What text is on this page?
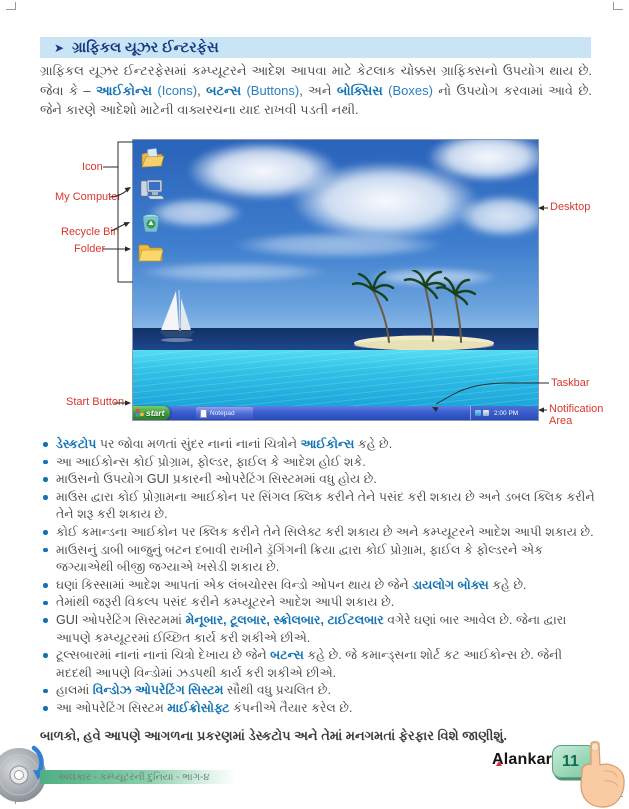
➤ ગ્રાફિકલ યૂઝર ઈન્ટરફેસ
ગ્રાફિકલ યૂઝર ઈન્ટરફેસમાં કમ્પ્યૂટરને આદેશ આપવા માટે કેટલાક ચોક્કસ ગ્રાફિક્સનો ઉપયોગ થાય છે. જેવા કે – આઈકોન્સ (Icons), બટન્સ (Buttons), અને બોક્સિસ (Boxes) નો ઉપયોગ કરવામાં આવે છે. જેને કારણે આદેશો માટેની વાક્યરચના યાદ રાખવી પડતી નથી.
start	Notepad	2:00 PM
Icon
My Computer
Recycle Bin
Folder
Start Button
Desktop
Taskbar
Notification Area
ડેસ્કટોપ પર જોવા મળતાં સુંદર નાનાં નાનાં ચિત્રોને આઈકોન્સ કહે છે.
આ આઈકોન્સ કોઈ પ્રોગ્રામ, ફોલ્ડર, ફાઈલ કે આદેશ હોઈ શકે.
માઉસનો ઉપયોગ GUI પ્રકારની ઓપરેટિંગ સિસ્ટમમાં વધુ હોય છે.
માઉસ દ્વારા કોઈ પ્રોગ્રામના આઈકોન પર સિંગલ ક્લિક કરીને તેને પસંદ કરી શકાય છે અને ડબલ ક્લિક કરીને તેને શરૂ કરી શકાય છે.
કોઈ કમાન્ડના આઈકોન પર ક્લિક કરીને તેને સિલેક્ટ કરી શકાય છે અને કમ્પ્યૂટરને આદેશ આપી શકાય છે.
માઉસનું ડાબી બાજુનું બટન દબાવી રાખીને ડ્રૅગિંગની ક્રિયા દ્વારા કોઈ પ્રોગ્રામ, ફાઈલ કે ફોલ્ડરને એક જગ્યાએથી બીજી જગ્યાએ ખસેડી શકાય છે.
ઘણાં કિસ્સામાં આદેશ આપતાં એક લંબચોરસ વિન્ડો ઓપન થાય છે જેને ડાયલોગ બોક્સ કહે છે.
તેમાંથી જરૂરી વિકલ્પ પસંદ કરીને કમ્પ્યૂટરને આદેશ આપી શકાય છે.
GUI ઓપરેટિંગ સિસ્ટમમાં મેનૂબાર, ટૂલબાર, સ્ક્રોલબાર, ટાઈટલબાર વગેરે ઘણાં બાર આવેલ છે. જેના દ્વારા આપણે કમ્પ્યૂટરમાં ઈચ્છિત કાર્ય કરી શકીએ છીએ.
ટૂલ્સબારમાં નાનાં નાનાં ચિત્રો દેખાય છે જેને બટન્સ કહે છે. જે કમાન્ડ્સના શોર્ટ કટ આઈકોન્સ છે. જેની મદદથી આપણે વિન્ડોમાં ઝડપથી કાર્ય કરી શકીએ છીએ.
હાલમાં વિન્ડોઝ ઓપરેટિંગ સિસ્ટમ સૌથી વધુ પ્રચલિત છે.
આ ઓપરેટિંગ સિસ્ટમ માઈક્રોસોફ્ટ કંપનીએ તૈયાર કરેલ છે.
બાળકો, હવે આપણે આગળના પ્રકરણમાં ડેસ્કટોપ અને તેમાં મનગમતાં ફેરફાર વિશે જાણીશું.
અલંકાર - કમ્પ્યૂટરની દુનિયા - ભાગ-૪
Alankar 11
